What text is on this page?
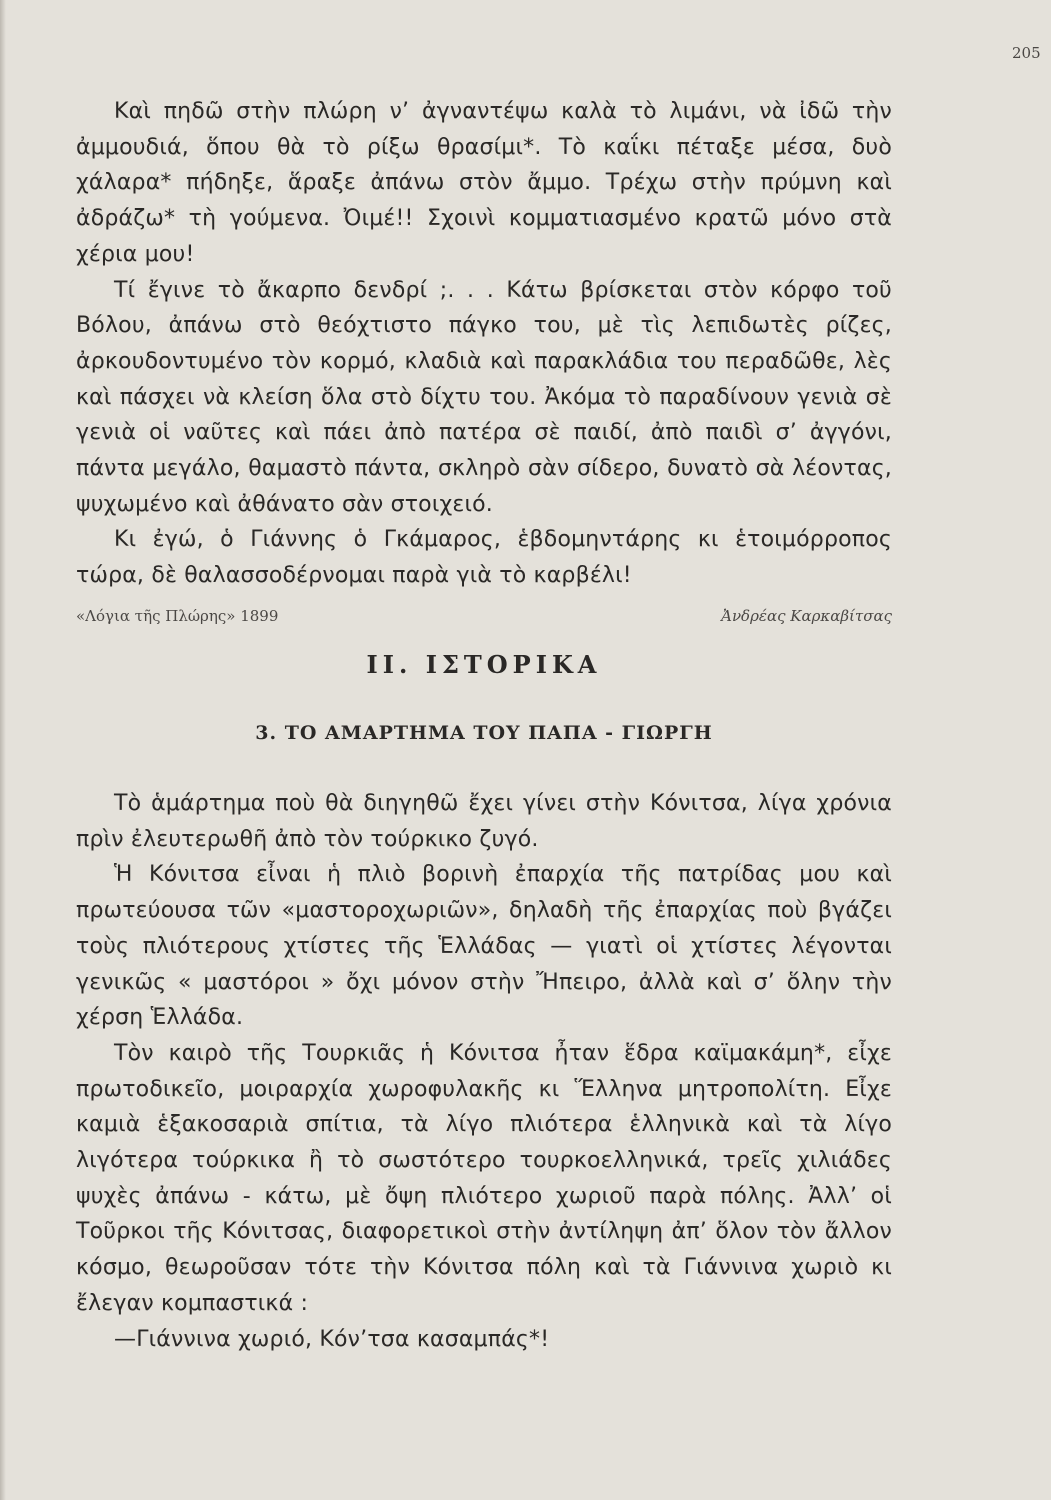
205

Καὶ πηδῶ στὴν πλώρη ν’ ἀγναντέψω καλὰ τὸ λιμάνι, νὰ ἰδῶ τὴν ἀμμουδιά, ὅπου θὰ τὸ ρίξω θρασίμι*. Τὸ καΐκι πέταξε μέσα, δυὸ χάλαρα* πήδηξε, ἅραξε ἀπάνω στὸν ἄμμο. Τρέχω στὴν πρύμνη καὶ ἀδράζω* τὴ γούμενα. Ὀιμέ!! Σχοινὶ κομματιασμένο κρατῶ μόνο στὰ χέρια μου!

Τί ἔγινε τὸ ἄκαρπο δενδρί ;. . . Κάτω βρίσκεται στὸν κόρφο τοῦ Βόλου, ἀπάνω στὸ θεόχτιστο πάγκο του, μὲ τὶς λεπιδωτὲς ρίζες, ἀρκουδοντυμένο τὸν κορμό, κλαδιὰ καὶ παρακλάδια του περαδῶθε, λὲς καὶ πάσχει νὰ κλείση ὅλα στὸ δίχτυ του. Ἀκόμα τὸ παραδίνουν γενιὰ σὲ γενιὰ οἱ ναῦτες καὶ πάει ἀπὸ πατέρα σὲ παιδί, ἀπὸ παιδὶ σ’ ἀγγόνι, πάντα μεγάλο, θαμαστὸ πάντα, σκληρὸ σὰν σίδερο, δυνατὸ σὰ λέοντας, ψυχωμένο καὶ ἀθάνατο σὰν στοιχειό.

Κι ἐγώ, ὁ Γιάννης ὁ Γκάμαρος, ἑβδομηντάρης κι ἑτοιμόρροπος τώρα, δὲ θαλασσοδέρνομαι παρὰ γιὰ τὸ καρβέλι!

«Λόγια τῆς Πλώρης» 1899	Ἀνδρέας Καρκαβίτσας
II. ΙΣΤΟΡΙΚΑ
3. ΤΟ ΑΜΑΡΤΗΜΑ ΤΟΥ ΠΑΠΑ - ΓΙΩΡΓΗ

Τὸ ἁμάρτημα ποὺ θὰ διηγηθῶ ἔχει γίνει στὴν Κόνιτσα, λίγα χρόνια πρὶν ἐλευτερωθῆ ἀπὸ τὸν τούρκικο ζυγό.

Ἡ Κόνιτσα εἶναι ἡ πλιὸ βορινὴ ἐπαρχία τῆς πατρίδας μου καὶ πρωτεύουσα τῶν «μαστοροχωριῶν», δηλαδὴ τῆς ἐπαρχίας ποὺ βγάζει τοὺς πλιότερους χτίστες τῆς Ἑλλάδας — γιατὶ οἱ χτίστες λέγονται γενικῶς « μαστόροι » ὄχι μόνον στὴν Ἤπειρο, ἀλλὰ καὶ σ’ ὅλην τὴν χέρση Ἑλλάδα.

Τὸν καιρὸ τῆς Τουρκιᾶς ἡ Κόνιτσα ἦταν ἕδρα καϊμακάμη*, εἶχε πρωτοδικεῖο, μοιραρχία χωροφυλακῆς κι Ἕλληνα μητροπολίτη. Εἶχε καμιὰ ἑξακοσαριὰ σπίτια, τὰ λίγο πλιότερα ἑλληνικὰ καὶ τὰ λίγο λιγότερα τούρκικα ἢ τὸ σωστότερο τουρκοελληνικά, τρεῖς χιλιάδες ψυχὲς ἀπάνω - κάτω, μὲ ὄψη πλιότερο χωριοῦ παρὰ πόλης. Ἀλλ’ οἱ Τοῦρκοι τῆς Κόνιτσας, διαφορετικοὶ στὴν ἀντίληψη ἀπ’ ὅλον τὸν ἄλλον κόσμο, θεωροῦσαν τότε τὴν Κόνιτσα πόλη καὶ τὰ Γιάννινα χωριὸ κι ἔλεγαν κομπαστικά :

—Γιάννινα χωριό, Κόν’τσα κασαμπάς*!
